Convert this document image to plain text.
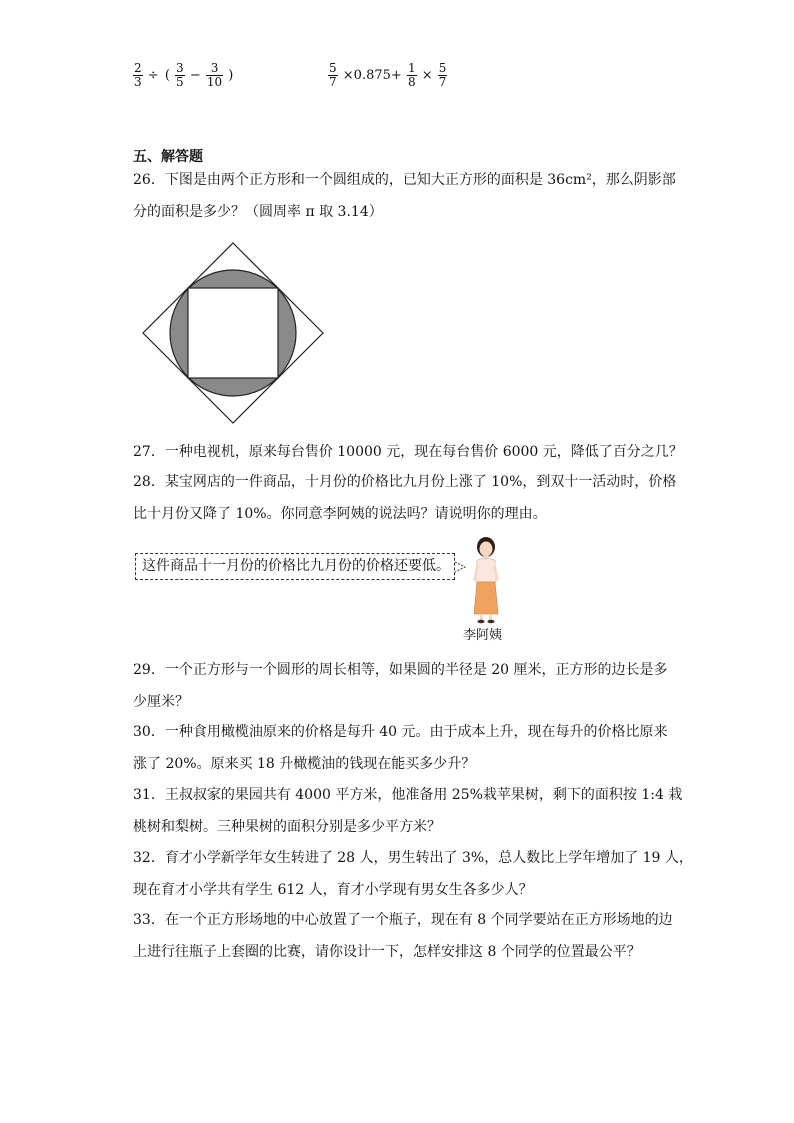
$\frac{2}{3}$ ÷ ( $\frac{3}{5} - \frac{3}{10}$ )	$\frac{5}{7} \times 0.875+ \frac{1}{8} \times \frac{5}{7}$
五、解答题
26．下图是由两个正方形和一个圆组成的，已知大正方形的面积是 36cm²，那么阴影部
分的面积是多少？（圆周率 π 取 3.14）
27．一种电视机，原来每台售价 10000 元，现在每台售价 6000 元，降低了百分之几？
28．某宝网店的一件商品，十月份的价格比九月份上涨了 10%，到双十一活动时，价格
比十月份又降了 10%。你同意李阿姨的说法吗？请说明你的理由。
这件商品十一月份的价格比九月份的价格还要低。
李阿姨
29．一个正方形与一个圆形的周长相等，如果圆的半径是 20 厘米，正方形的边长是多
少厘米？
30．一种食用橄榄油原来的价格是每升 40 元。由于成本上升，现在每升的价格比原来
涨了 20%。原来买 18 升橄榄油的钱现在能买多少升？
31．王叔叔家的果园共有 4000 平方米，他准备用 25%栽苹果树，剩下的面积按 1:4 栽
桃树和梨树。三种果树的面积分别是多少平方米？
32．育才小学新学年女生转进了 28 人，男生转出了 3%，总人数比上学年增加了 19 人，
现在育才小学共有学生 612 人，育才小学现有男女生各多少人？
33．在一个正方形场地的中心放置了一个瓶子，现在有 8 个同学要站在正方形场地的边
上进行往瓶子上套圈的比赛，请你设计一下，怎样安排这 8 个同学的位置最公平？
